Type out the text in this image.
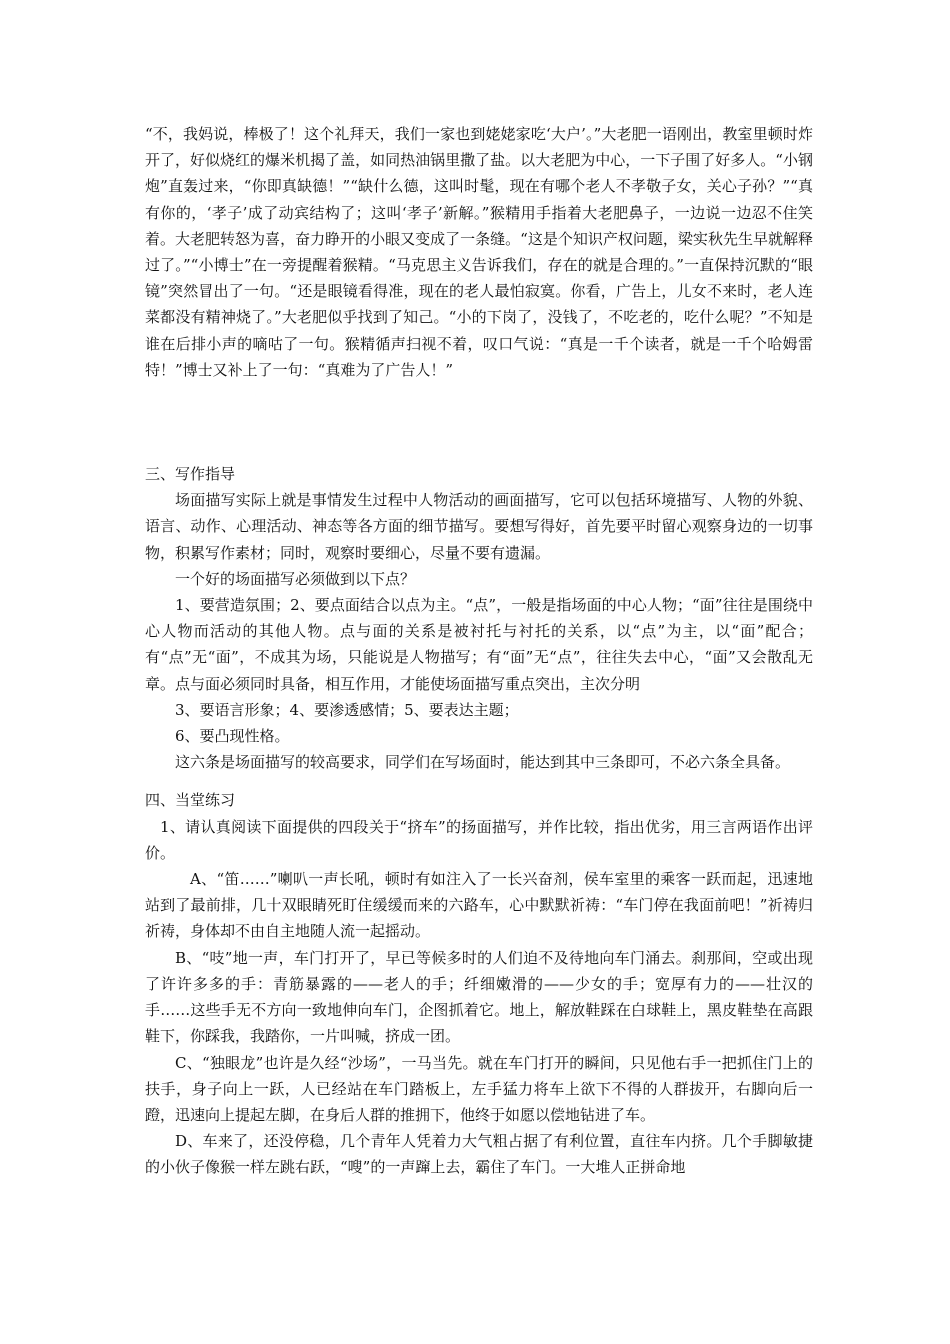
“不，我妈说，棒极了！这个礼拜天，我们一家也到姥姥家吃‘大户’。”大老肥一语刚出，教室里顿时炸开了，好似烧红的爆米机揭了盖，如同热油锅里撒了盐。以大老肥为中心，一下子围了好多人。“小钢炮”直轰过来，“你即真缺德！”“缺什么德，这叫时髦，现在有哪个老人不孝敬子女，关心子孙？”“真有你的，‘孝子’成了动宾结构了；这叫‘孝子’新解。”猴精用手指着大老肥鼻子，一边说一边忍不住笑着。大老肥转怒为喜，奋力睁开的小眼又变成了一条缝。“这是个知识产权问题，梁实秋先生早就解释过了。”“小博士”在一旁提醒着猴精。“马克思主义告诉我们，存在的就是合理的。”一直保持沉默的“眼镜”突然冒出了一句。“还是眼镜看得准，现在的老人最怕寂寞。你看，广告上，儿女不来时，老人连菜都没有精神烧了。”大老肥似乎找到了知己。“小的下岗了，没钱了，不吃老的，吃什么呢？”不知是谁在后排小声的嘀咕了一句。猴精循声扫视不着，叹口气说：“真是一千个读者，就是一千个哈姆雷特！”博士又补上了一句：“真难为了广告人！”

三、写作指导

场面描写实际上就是事情发生过程中人物活动的画面描写，它可以包括环境描写、人物的外貌、语言、动作、心理活动、神态等各方面的细节描写。要想写得好，首先要平时留心观察身边的一切事物，积累写作素材；同时，观察时要细心，尽量不要有遗漏。

一个好的场面描写必须做到以下点？

1、要营造氛围；2、要点面结合以点为主。“点”，一般是指场面的中心人物；“面”往往是围绕中心人物而活动的其他人物。点与面的关系是被衬托与衬托的关系，以“点”为主，以“面”配合；有“点”无“面”，不成其为场，只能说是人物描写；有“面”无“点”，往往失去中心，“面”又会散乱无章。点与面必须同时具备，相互作用，才能使场面描写重点突出，主次分明

3、要语言形象；4、要渗透感情；5、要表达主题；

6、要凸现性格。

这六条是场面描写的较高要求，同学们在写场面时，能达到其中三条即可，不必六条全具备。

四、当堂练习

1、请认真阅读下面提供的四段关于“挤车”的扬面描写，并作比较，指出优劣，用三言两语作出评价。

A、“笛……”喇叭一声长吼，顿时有如注入了一长兴奋剂，侯车室里的乘客一跃而起，迅速地站到了最前排，几十双眼睛死盯住缓缓而来的六路车，心中默默祈祷：“车门停在我面前吧！”祈祷归祈祷，身体却不由自主地随人流一起摇动。

B、“吱”地一声，车门打开了，早已等候多时的人们迫不及待地向车门涌去。刹那间，空或出现了许许多多的手：青筋暴露的——老人的手；纤细嫩滑的——少女的手；宽厚有力的——壮汉的手……这些手无不方向一致地伸向车门，企图抓着它。地上，解放鞋踩在白球鞋上，黑皮鞋垫在高跟鞋下，你踩我，我踏你，一片叫喊，挤成一团。

C、“独眼龙”也许是久经“沙场”，一马当先。就在车门打开的瞬间，只见他右手一把抓住门上的扶手，身子向上一跃，人已经站在车门踏板上，左手猛力将车上欲下不得的人群拔开，右脚向后一蹬，迅速向上提起左脚，在身后人群的推拥下，他终于如愿以偿地钻进了车。

D、车来了，还没停稳，几个青年人凭着力大气粗占据了有利位置，直往车内挤。几个手脚敏捷的小伙子像猴一样左跳右跃，“嗖”的一声蹿上去，霸住了车门。一大堆人正拼命地
